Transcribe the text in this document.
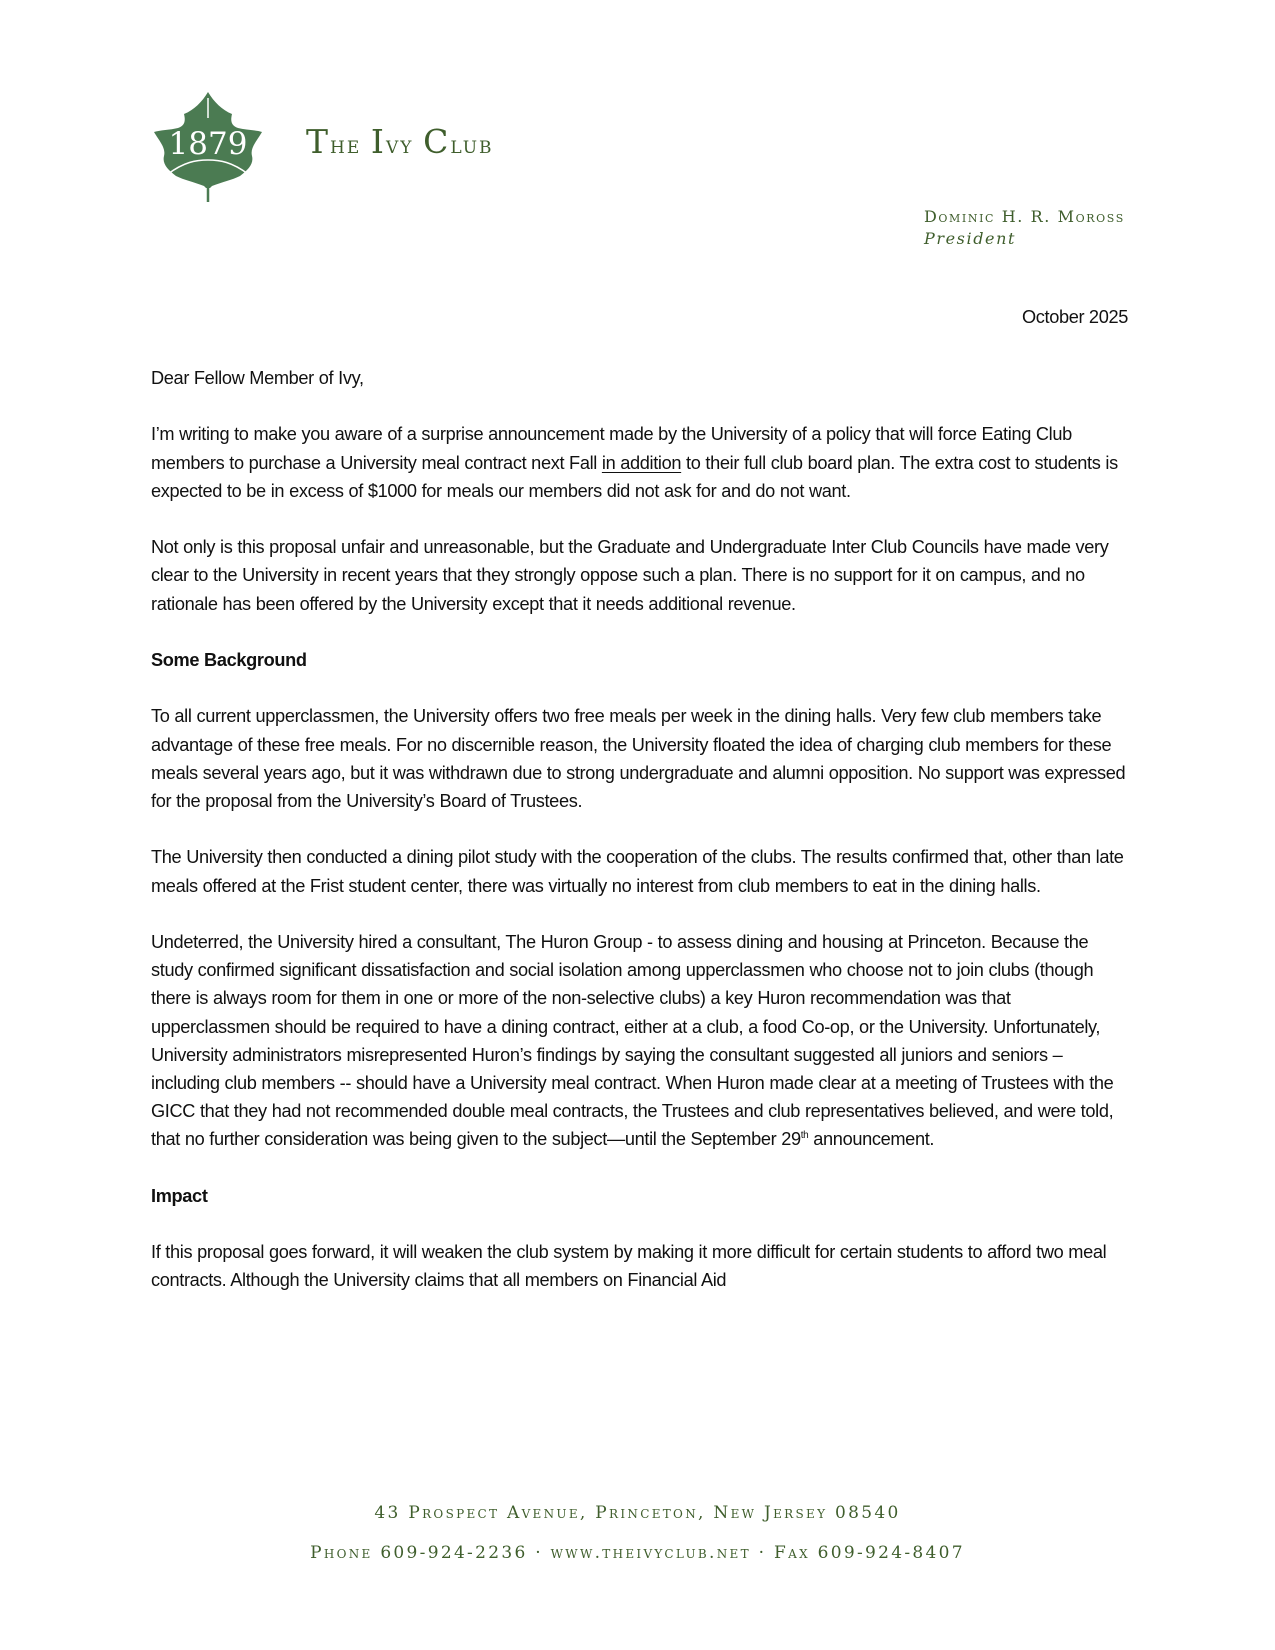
1879 The Ivy Club
Dominic H. R. Moross
President
October 2025

Dear Fellow Member of Ivy,

I’m writing to make you aware of a surprise announcement made by the University of a policy that will force Eating Club members to purchase a University meal contract next Fall in addition to their full club board plan. The extra cost to students is expected to be in excess of $1000 for meals our members did not ask for and do not want.

Not only is this proposal unfair and unreasonable, but the Graduate and Undergraduate Inter Club Councils have made very clear to the University in recent years that they strongly oppose such a plan. There is no support for it on campus, and no rationale has been offered by the University except that it needs additional revenue.

Some Background

To all current upperclassmen, the University offers two free meals per week in the dining halls. Very few club members take advantage of these free meals. For no discernible reason, the University floated the idea of charging club members for these meals several years ago, but it was withdrawn due to strong undergraduate and alumni opposition. No support was expressed for the proposal from the University’s Board of Trustees.

The University then conducted a dining pilot study with the cooperation of the clubs. The results confirmed that, other than late meals offered at the Frist student center, there was virtually no interest from club members to eat in the dining halls.

Undeterred, the University hired a consultant, The Huron Group - to assess dining and housing at Princeton. Because the study confirmed significant dissatisfaction and social isolation among upperclassmen who choose not to join clubs (though there is always room for them in one or more of the non-selective clubs) a key Huron recommendation was that upperclassmen should be required to have a dining contract, either at a club, a food Co-op, or the University. Unfortunately, University administrators misrepresented Huron’s findings by saying the consultant suggested all juniors and seniors – including club members -- should have a University meal contract. When Huron made clear at a meeting of Trustees with the GICC that they had not recommended double meal contracts, the Trustees and club representatives believed, and were told, that no further consideration was being given to the subject—until the September 29th announcement.

Impact

If this proposal goes forward, it will weaken the club system by making it more difficult for certain students to afford two meal contracts. Although the University claims that all members on Financial Aid

43 Prospect Avenue, Princeton, New Jersey 08540
Phone 609-924-2236 · www.theivyclub.net · Fax 609-924-8407
